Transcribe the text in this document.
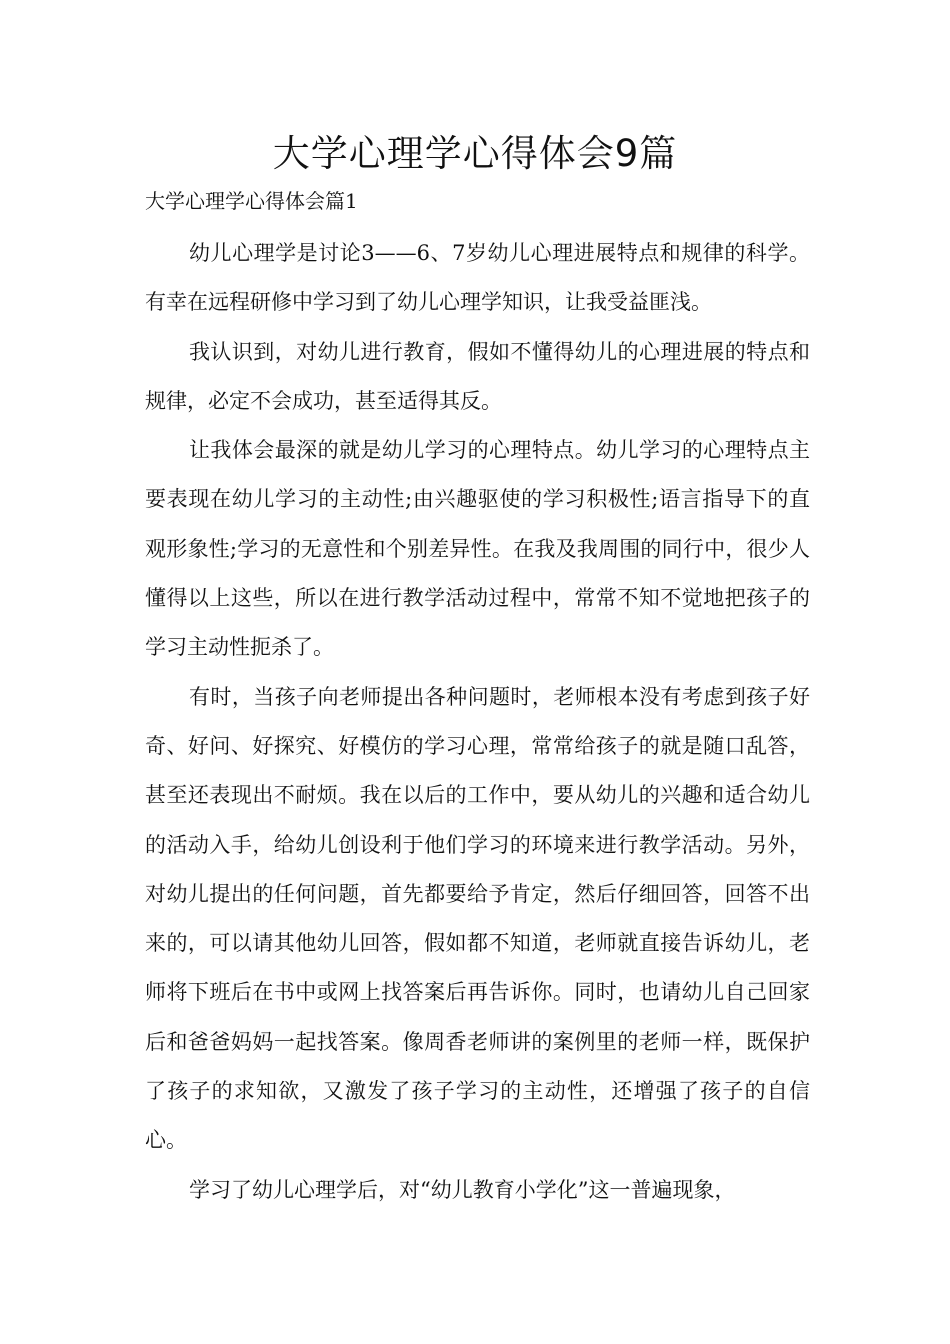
大学心理学心得体会9篇

大学心理学心得体会篇1

幼儿心理学是讨论3——6、7岁幼儿心理进展特点和规律的科学。有幸在远程研修中学习到了幼儿心理学知识，让我受益匪浅。

我认识到，对幼儿进行教育，假如不懂得幼儿的心理进展的特点和规律，必定不会成功，甚至适得其反。

让我体会最深的就是幼儿学习的心理特点。幼儿学习的心理特点主要表现在幼儿学习的主动性;由兴趣驱使的学习积极性;语言指导下的直观形象性;学习的无意性和个别差异性。在我及我周围的同行中，很少人懂得以上这些，所以在进行教学活动过程中，常常不知不觉地把孩子的学习主动性扼杀了。

有时，当孩子向老师提出各种问题时，老师根本没有考虑到孩子好奇、好问、好探究、好模仿的学习心理，常常给孩子的就是随口乱答，甚至还表现出不耐烦。我在以后的工作中，要从幼儿的兴趣和适合幼儿的活动入手，给幼儿创设利于他们学习的环境来进行教学活动。另外，对幼儿提出的任何问题，首先都要给予肯定，然后仔细回答，回答不出来的，可以请其他幼儿回答，假如都不知道，老师就直接告诉幼儿，老师将下班后在书中或网上找答案后再告诉你。同时，也请幼儿自己回家后和爸爸妈妈一起找答案。像周香老师讲的案例里的老师一样，既保护了孩子的求知欲，又激发了孩子学习的主动性，还增强了孩子的自信心。

学习了幼儿心理学后，对“幼儿教育小学化”这一普遍现象，
